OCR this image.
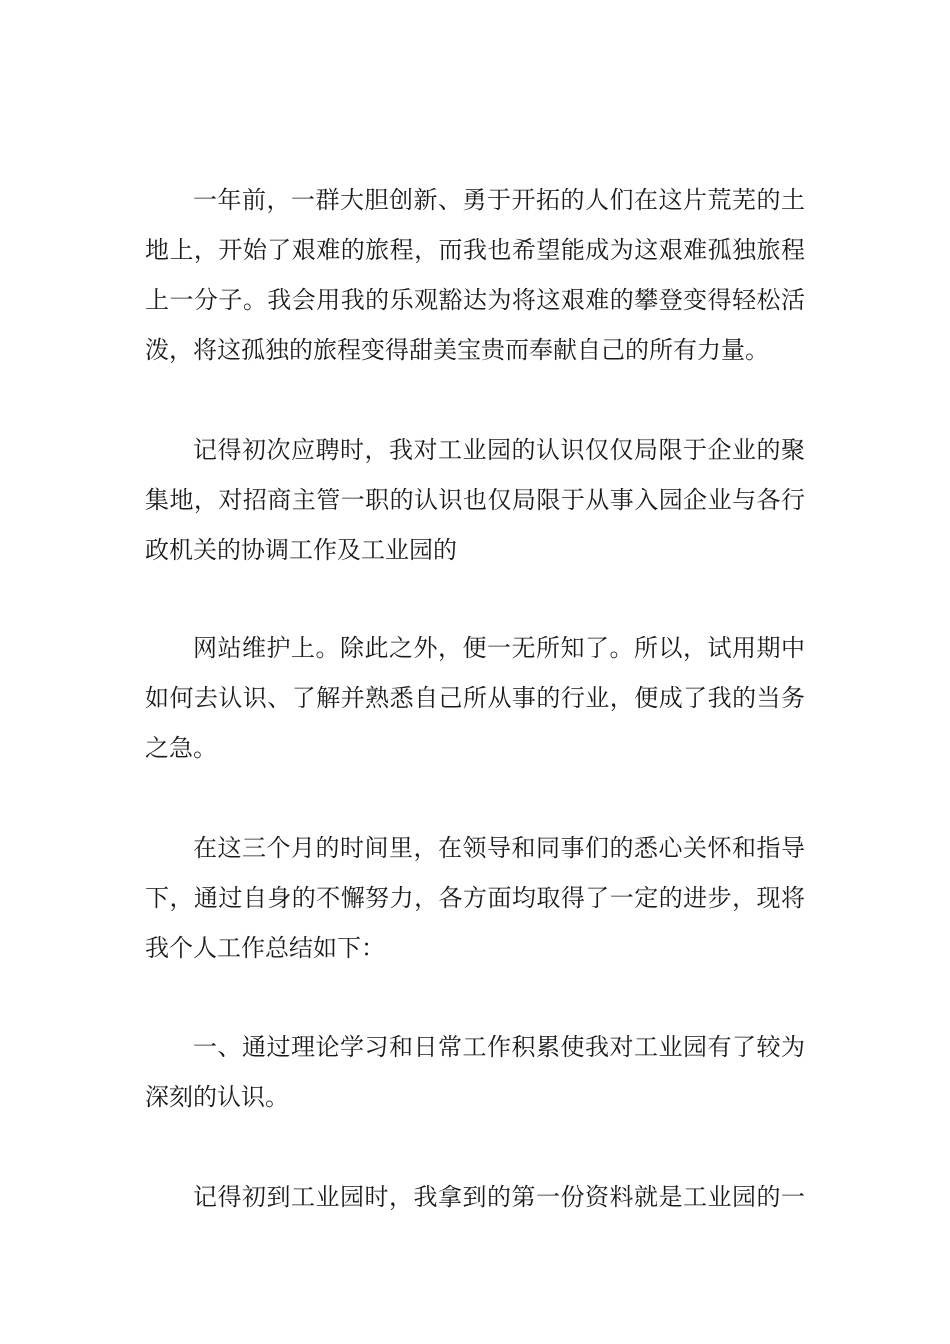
一年前，一群大胆创新、勇于开拓的人们在这片荒芜的土
地上，开始了艰难的旅程，而我也希望能成为这艰难孤独旅程
上一分子。我会用我的乐观豁达为将这艰难的攀登变得轻松活
泼，将这孤独的旅程变得甜美宝贵而奉献自己的所有力量。
记得初次应聘时，我对工业园的认识仅仅局限于企业的聚
集地，对招商主管一职的认识也仅局限于从事入园企业与各行
政机关的协调工作及工业园的
网站维护上。除此之外，便一无所知了。所以，试用期中
如何去认识、了解并熟悉自己所从事的行业，便成了我的当务
之急。
在这三个月的时间里，在领导和同事们的悉心关怀和指导
下，通过自身的不懈努力，各方面均取得了一定的进步，现将
我个人工作总结如下：
一、通过理论学习和日常工作积累使我对工业园有了较为
深刻的认识。
记得初到工业园时，我拿到的第一份资料就是工业园的一
